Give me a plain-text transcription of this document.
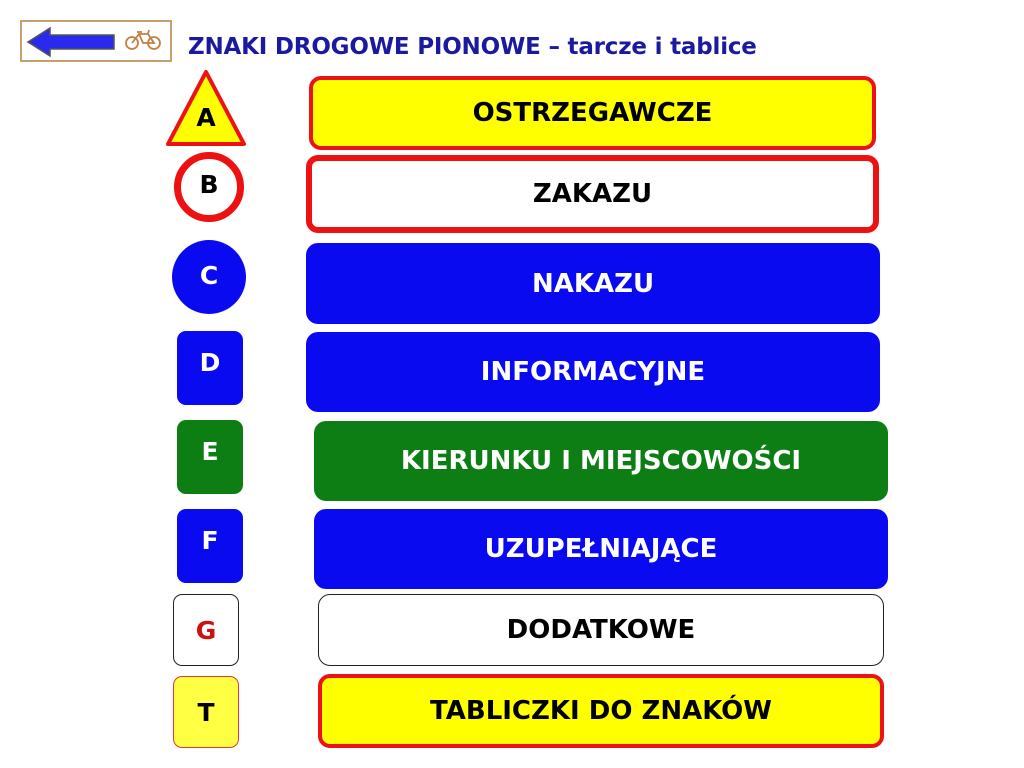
ZNAKI DROGOWE PIONOWE – tarcze i tablice
A	OSTRZEGAWCZE
B	ZAKAZU
C	NAKAZU
D	INFORMACYJNE
E	KIERUNKU I MIEJSCOWOŚCI
F	UZUPEŁNIAJĄCE
G	DODATKOWE
T	TABLICZKI DO ZNAKÓW
